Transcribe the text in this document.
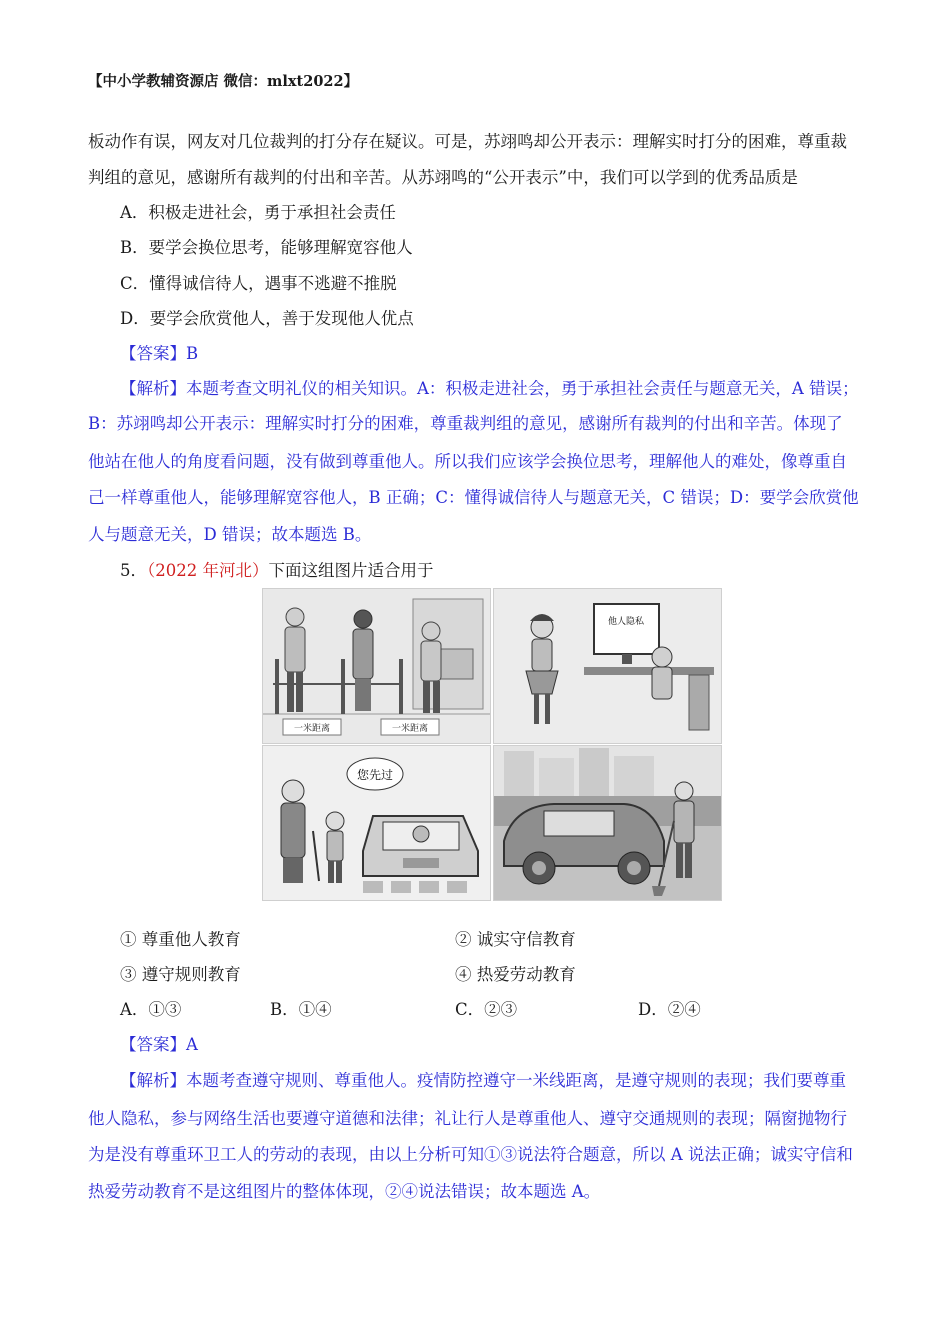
【中小学教辅资源店 微信：mlxt2022】
板动作有误，网友对几位裁判的打分存在疑议。可是，苏翊鸣却公开表示：理解实时打分的困难，尊重裁
判组的意见，感谢所有裁判的付出和辛苦。从苏翊鸣的“公开表示”中，我们可以学到的优秀品质是
A．积极走进社会，勇于承担社会责任
B．要学会换位思考，能够理解宽容他人
C．懂得诚信待人，遇事不逃避不推脱
D．要学会欣赏他人，善于发现他人优点
【答案】B
【解析】本题考查文明礼仪的相关知识。A：积极走进社会，勇于承担社会责任与题意无关，A 错误；
B：苏翊鸣却公开表示：理解实时打分的困难，尊重裁判组的意见，感谢所有裁判的付出和辛苦。体现了
他站在他人的角度看问题，没有做到尊重他人。所以我们应该学会换位思考，理解他人的难处，像尊重自
己一样尊重他人，能够理解宽容他人，B 正确；C：懂得诚信待人与题意无关，C 错误；D：要学会欣赏他
人与题意无关，D 错误；故本题选 B。
5．（2022 年河北）下面这组图片适合用于
一米距离	一米距离
他人隐私
您先过
① 尊重他人教育	② 诚实守信教育
③ 遵守规则教育	④ 热爱劳动教育
A．①③	B．①④	C．②③	D．②④
【答案】A
【解析】本题考查遵守规则、尊重他人。疫情防控遵守一米线距离，是遵守规则的表现；我们要尊重
他人隐私，参与网络生活也要遵守道德和法律；礼让行人是尊重他人、遵守交通规则的表现；隔窗抛物行
为是没有尊重环卫工人的劳动的表现，由以上分析可知①③说法符合题意，所以 A 说法正确；诚实守信和
热爱劳动教育不是这组图片的整体体现，②④说法错误；故本题选 A。
